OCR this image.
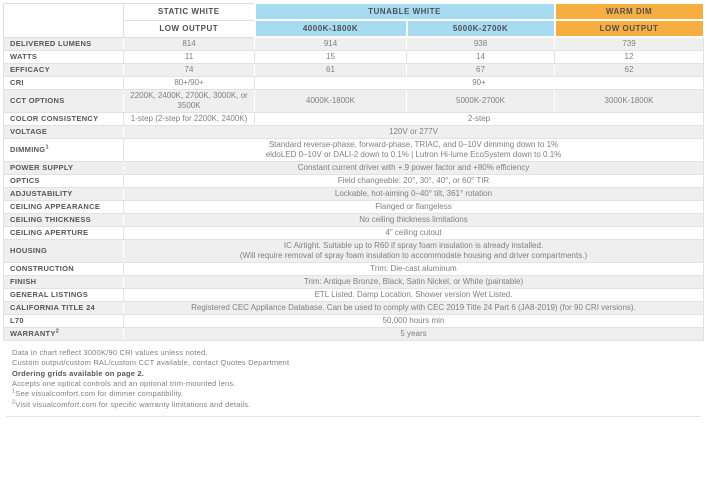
	STATIC WHITE	TUNABLE WHITE		WARM DIM
	LOW OUTPUT	4000K-1800K	5000K-2700K	LOW OUTPUT
DELIVERED LUMENS	814	914	938	739
WATTS	11	15	14	12
EFFICACY	74	61	67	62
CRI	80+/90+	90+		
CCT OPTIONS	2200K, 2400K, 2700K, 3000K, or 3500K	4000K-1800K	5000K-2700K	3000K-1800K
COLOR CONSISTENCY	1-step (2-step for 2200K, 2400K)	2-step		
VOLTAGE	120V or 277V			
DIMMING$^1$	Standard reverse-phase, forward-phase, TRIAC, and 0–10V dimming down to 1%
eldoLED 0–10V or DALI-2 down to 0.1% | Lutron Hi-lume EcoSystem down to 0.1%			

POWER SUPPLY	Constant current driver with +.9 power factor and +80% efficiency			
OPTICS	Field changeable: 20°, 30°, 40°, or 60° TIR			
ADJUSTABILITY	Lockable, hot-aiming 0–40° tilt, 361° rotation			
CEILING APPEARANCE	Flanged or flangeless			
CEILING THICKNESS	No ceiling thickness limitations			
CEILING APERTURE	4" ceiling cutout			
HOUSING	IC Airtight. Suitable up to R60 if spray foam insulation is already installed.
(Will require removal of spray foam insulation to accommodate housing and driver compartments.)			

CONSTRUCTION	Trim: Die-cast aluminum			
FINISH	Trim: Antique Bronze, Black, Satin Nickel, or White (paintable)			
GENERAL LISTINGS	ETL Listed. Damp Location. Shower version Wet Listed.			
CALIFORNIA TITLE 24	Registered CEC Appliance Database. Can be used to comply with CEC 2019 Title 24 Part 6 (JA8-2019) (for 90 CRI versions).			
L70	50,000 hours min			
WARRANTY$^2$	5 years			
Data in chart reflect 3000K/90 CRI values unless noted.
Custom output/custom RAL/custom CCT available, contact Quotes Department
Ordering grids available on page 2.
Accepts one optical controls and an optional trim-mounted lens.
$^1$See visualcomfort.com for dimmer compatibility.
$^2$Visit visualcomfort.com for specific warranty limitations and details.
